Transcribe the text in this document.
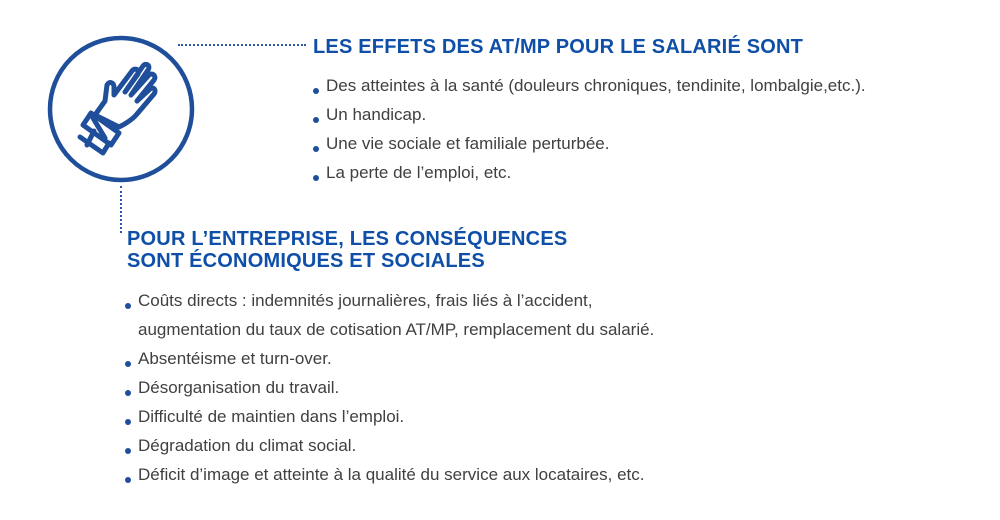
LES EFFETS DES AT/MP POUR LE SALARIÉ SONT
Des atteintes à la santé (douleurs chroniques, tendinite, lombalgie,etc.).
Un handicap.
Une vie sociale et familiale perturbée.
La perte de l’emploi, etc.
POUR L’ENTREPRISE, LES CONSÉQUENCES
SONT ÉCONOMIQUES ET SOCIALES
Coûts directs : indemnités journalières, frais liés à l’accident,
augmentation du taux de cotisation AT/MP, remplacement du salarié.
Absentéisme et turn-over.
Désorganisation du travail.
Difficulté de maintien dans l’emploi.
Dégradation du climat social.
Déficit d’image et atteinte à la qualité du service aux locataires, etc.
